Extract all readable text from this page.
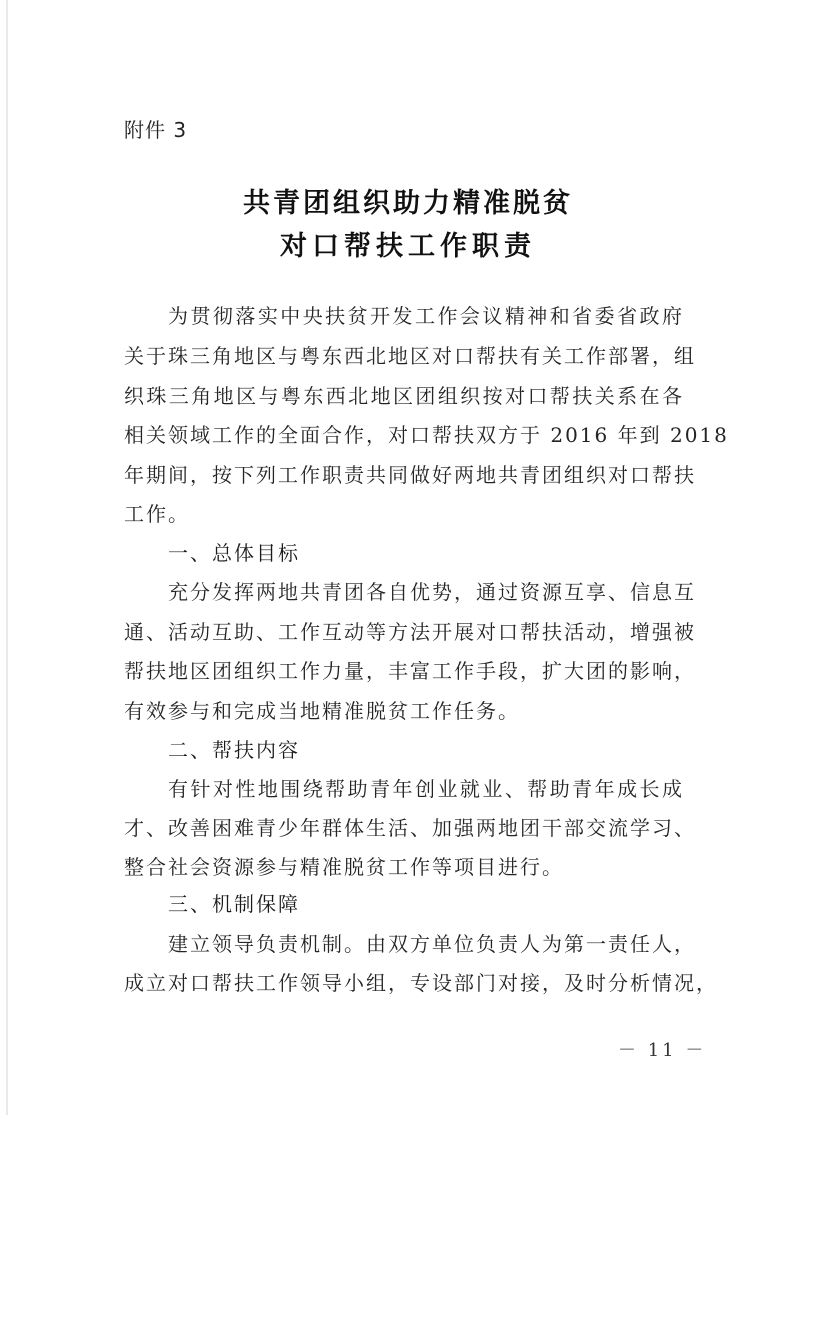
附件 3
共青团组织助力精准脱贫
对口帮扶工作职责
为贯彻落实中央扶贫开发工作会议精神和省委省政府
关于珠三角地区与粤东西北地区对口帮扶有关工作部署，组
织珠三角地区与粤东西北地区团组织按对口帮扶关系在各
相关领域工作的全面合作，对口帮扶双方于 2016 年到 2018
年期间，按下列工作职责共同做好两地共青团组织对口帮扶
工作。
一、总体目标
充分发挥两地共青团各自优势，通过资源互享、信息互
通、活动互助、工作互动等方法开展对口帮扶活动，增强被
帮扶地区团组织工作力量，丰富工作手段，扩大团的影响，
有效参与和完成当地精准脱贫工作任务。
二、帮扶内容
有针对性地围绕帮助青年创业就业、帮助青年成长成
才、改善困难青少年群体生活、加强两地团干部交流学习、
整合社会资源参与精准脱贫工作等项目进行。
三、机制保障
建立领导负责机制。由双方单位负责人为第一责任人，
成立对口帮扶工作领导小组，专设部门对接，及时分析情况，
－ 11 －
